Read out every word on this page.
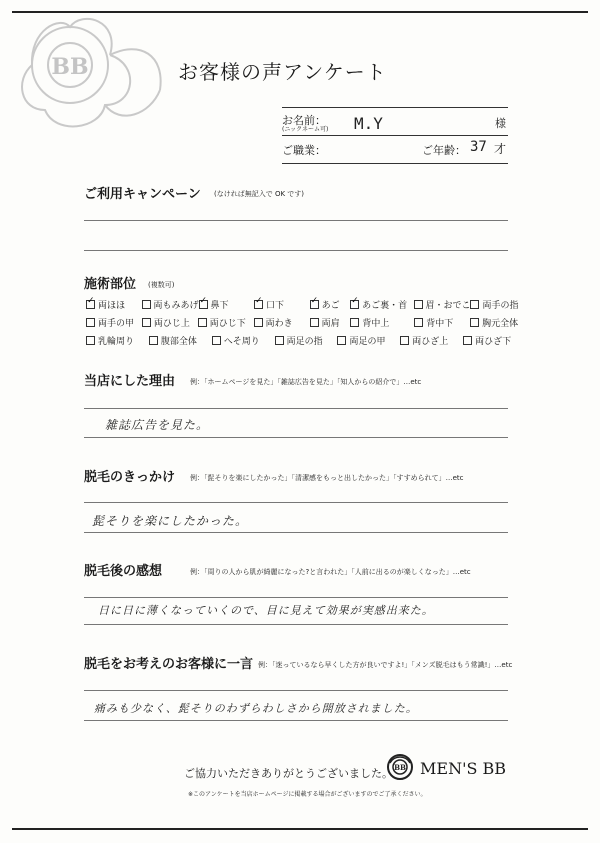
BB	お客様の声アンケート
お名前：
(ニックネーム可) M.Y	様
ご職業：	ご年齢： 37 才
ご利用キャンペーン (なければ無記入で OK です)
施術部位 (複数可)
✓
両ほほ	両もみあげ ✓ 鼻下 ✓	口下 ✓	あご ✓	あご裏・首 眉・おでこ 両手の指
両手の甲 両ひじ上 両ひじ下 両わき	両肩	背中上	背中下	胸元全体
乳輪周り	腹部全体	へそ周り	両足の指	両足の甲	両ひざ上	両ひざ下
当店にした理由 例：「ホームページを見た」「雑誌広告を見た」「知人からの紹介で」…etc
雑誌広告を見た。
脱毛のきっかけ 例：「髭そりを楽にしたかった」「清潔感をもっと出したかった」「すすめられて」…etc
髭そりを楽にしたかった。
脱毛後の感想	例：「周りの人から肌が綺麗になった?と言われた」「人前に出るのが楽しくなった」…etc
日に日に薄くなっていくので、目に見えて効果が実感出来た。
脱毛をお考えのお客様に一言 例：「迷っているなら早くした方が良いですよ!」「メンズ脱毛はもう常識!」…etc
痛みも少なく、髭そりのわずらわしさから開放されました。
ご協力いただきありがとうございました。 BB MEN'S BB
※このアンケートを当店ホームページに掲載する場合がございますのでご了承ください。
